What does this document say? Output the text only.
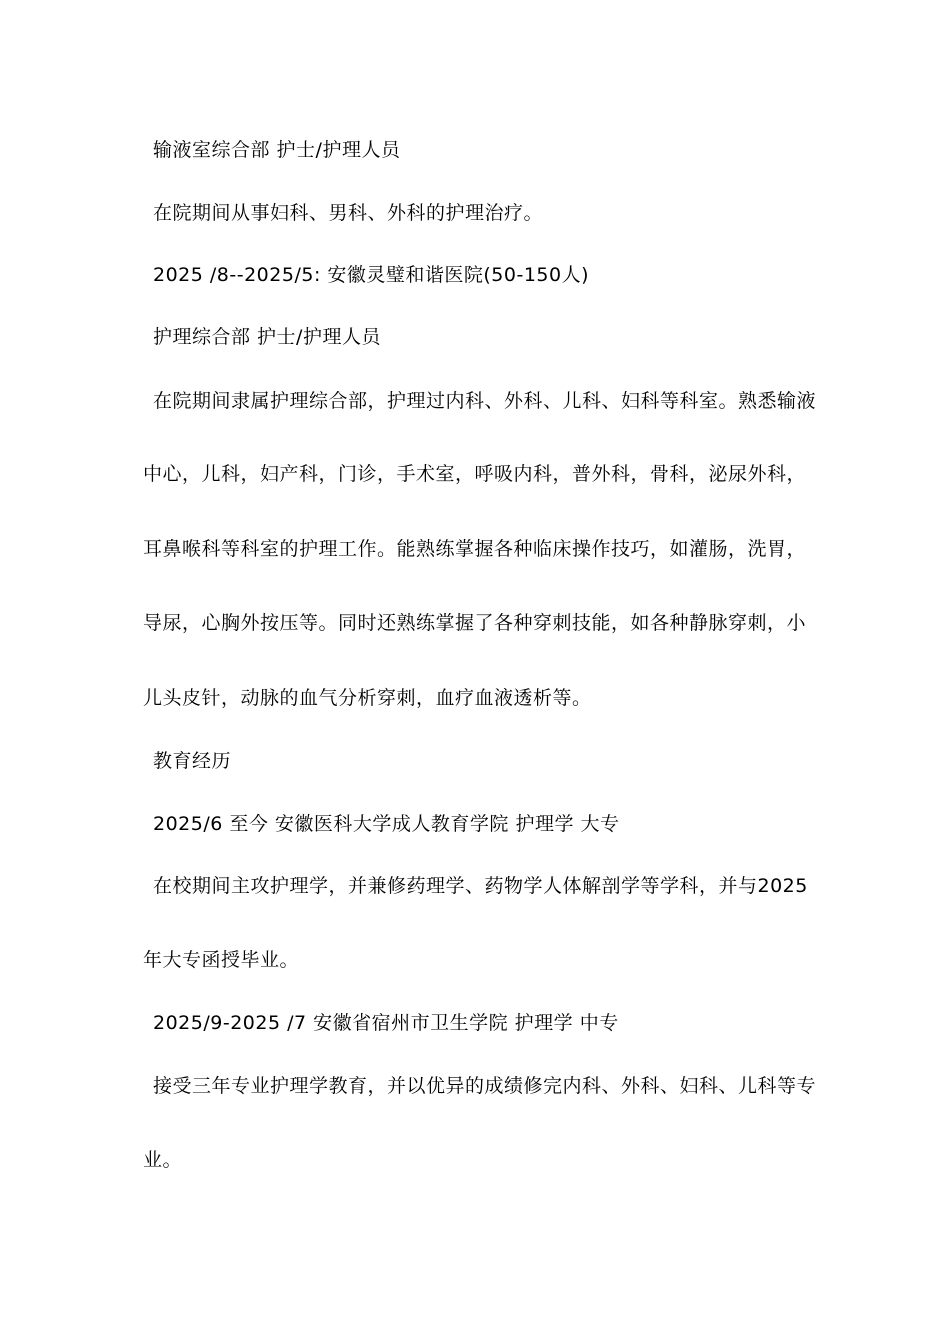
输液室综合部 护士/护理人员
在院期间从事妇科、男科、外科的护理治疗。
2025 /8--2025/5: 安徽灵璧和谐医院(50-150人)
护理综合部 护士/护理人员
在院期间隶属护理综合部，护理过内科、外科、儿科、妇科等科室。熟悉输液
中心，儿科，妇产科，门诊，手术室，呼吸内科，普外科，骨科，泌尿外科，
耳鼻喉科等科室的护理工作。能熟练掌握各种临床操作技巧，如灌肠，洗胃，
导尿，心胸外按压等。同时还熟练掌握了各种穿刺技能，如各种静脉穿刺，小
儿头皮针，动脉的血气分析穿刺，血疗血液透析等。
教育经历
2025/6 至今 安徽医科大学成人教育学院 护理学 大专
在校期间主攻护理学，并兼修药理学、药物学人体解剖学等学科，并与2025
年大专函授毕业。
2025/9-2025 /7 安徽省宿州市卫生学院 护理学 中专
接受三年专业护理学教育，并以优异的成绩修完内科、外科、妇科、儿科等专
业。
